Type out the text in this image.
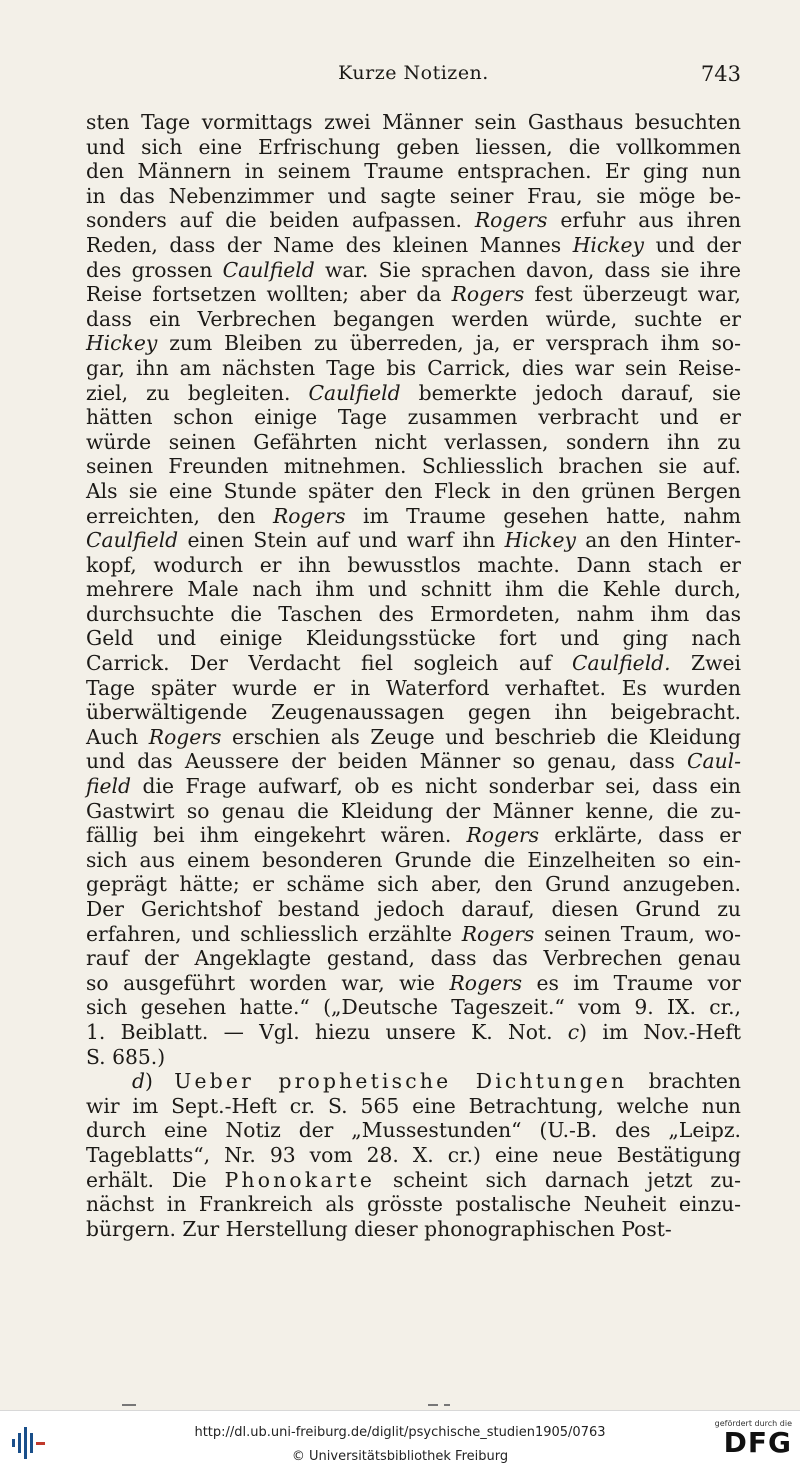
Kurze Notizen.	743
sten Tage vormittags zwei Männer sein Gasthaus besuchten
und sich eine Erfrischung geben liessen, die vollkommen
den Männern in seinem Traume entsprachen. Er ging nun
in das Nebenzimmer und sagte seiner Frau, sie möge be-
sonders auf die beiden aufpassen. Rogers erfuhr aus ihren
Reden, dass der Name des kleinen Mannes Hickey und der
des grossen Caulfield war. Sie sprachen davon, dass sie ihre
Reise fortsetzen wollten; aber da Rogers fest überzeugt war,
dass ein Verbrechen begangen werden würde, suchte er
Hickey zum Bleiben zu überreden, ja, er versprach ihm so-
gar, ihn am nächsten Tage bis Carrick, dies war sein Reise-
ziel, zu begleiten. Caulfield bemerkte jedoch darauf, sie
hätten schon einige Tage zusammen verbracht und er
würde seinen Gefährten nicht verlassen, sondern ihn zu
seinen Freunden mitnehmen. Schliesslich brachen sie auf.
Als sie eine Stunde später den Fleck in den grünen Bergen
erreichten, den Rogers im Traume gesehen hatte, nahm
Caulfield einen Stein auf und warf ihn Hickey an den Hinter-
kopf, wodurch er ihn bewusstlos machte. Dann stach er
mehrere Male nach ihm und schnitt ihm die Kehle durch,
durchsuchte die Taschen des Ermordeten, nahm ihm das
Geld und einige Kleidungsstücke fort und ging nach
Carrick. Der Verdacht fiel sogleich auf Caulfield. Zwei
Tage später wurde er in Waterford verhaftet. Es wurden
überwältigende Zeugenaussagen gegen ihn beigebracht.
Auch Rogers erschien als Zeuge und beschrieb die Kleidung
und das Aeussere der beiden Männer so genau, dass Caul-
field die Frage aufwarf, ob es nicht sonderbar sei, dass ein
Gastwirt so genau die Kleidung der Männer kenne, die zu-
fällig bei ihm eingekehrt wären. Rogers erklärte, dass er
sich aus einem besonderen Grunde die Einzelheiten so ein-
geprägt hätte; er schäme sich aber, den Grund anzugeben.
Der Gerichtshof bestand jedoch darauf, diesen Grund zu
erfahren, und schliesslich erzählte Rogers seinen Traum, wo-
rauf der Angeklagte gestand, dass das Verbrechen genau
so ausgeführt worden war, wie Rogers es im Traume vor
sich gesehen hatte.“ („Deutsche Tageszeit.“ vom 9. IX. cr.,
1. Beiblatt. — Vgl. hiezu unsere K. Not. c) im Nov.-Heft
S. 685.)
d) Ueber prophetische Dichtungen brachten
wir im Sept.-Heft cr. S. 565 eine Betrachtung, welche nun
durch eine Notiz der „Mussestunden“ (U.-B. des „Leipz.
Tageblatts“, Nr. 93 vom 28. X. cr.) eine neue Bestätigung
erhält. Die Phonokarte scheint sich darnach jetzt zu-
nächst in Frankreich als grösste postalische Neuheit einzu-
bürgern. Zur Herstellung dieser phonographischen Post-
http://dl.ub.uni-freiburg.de/diglit/psychische_studien1905/0763
© Universitätsbibliothek Freiburg
gefördert durch die
DFG
